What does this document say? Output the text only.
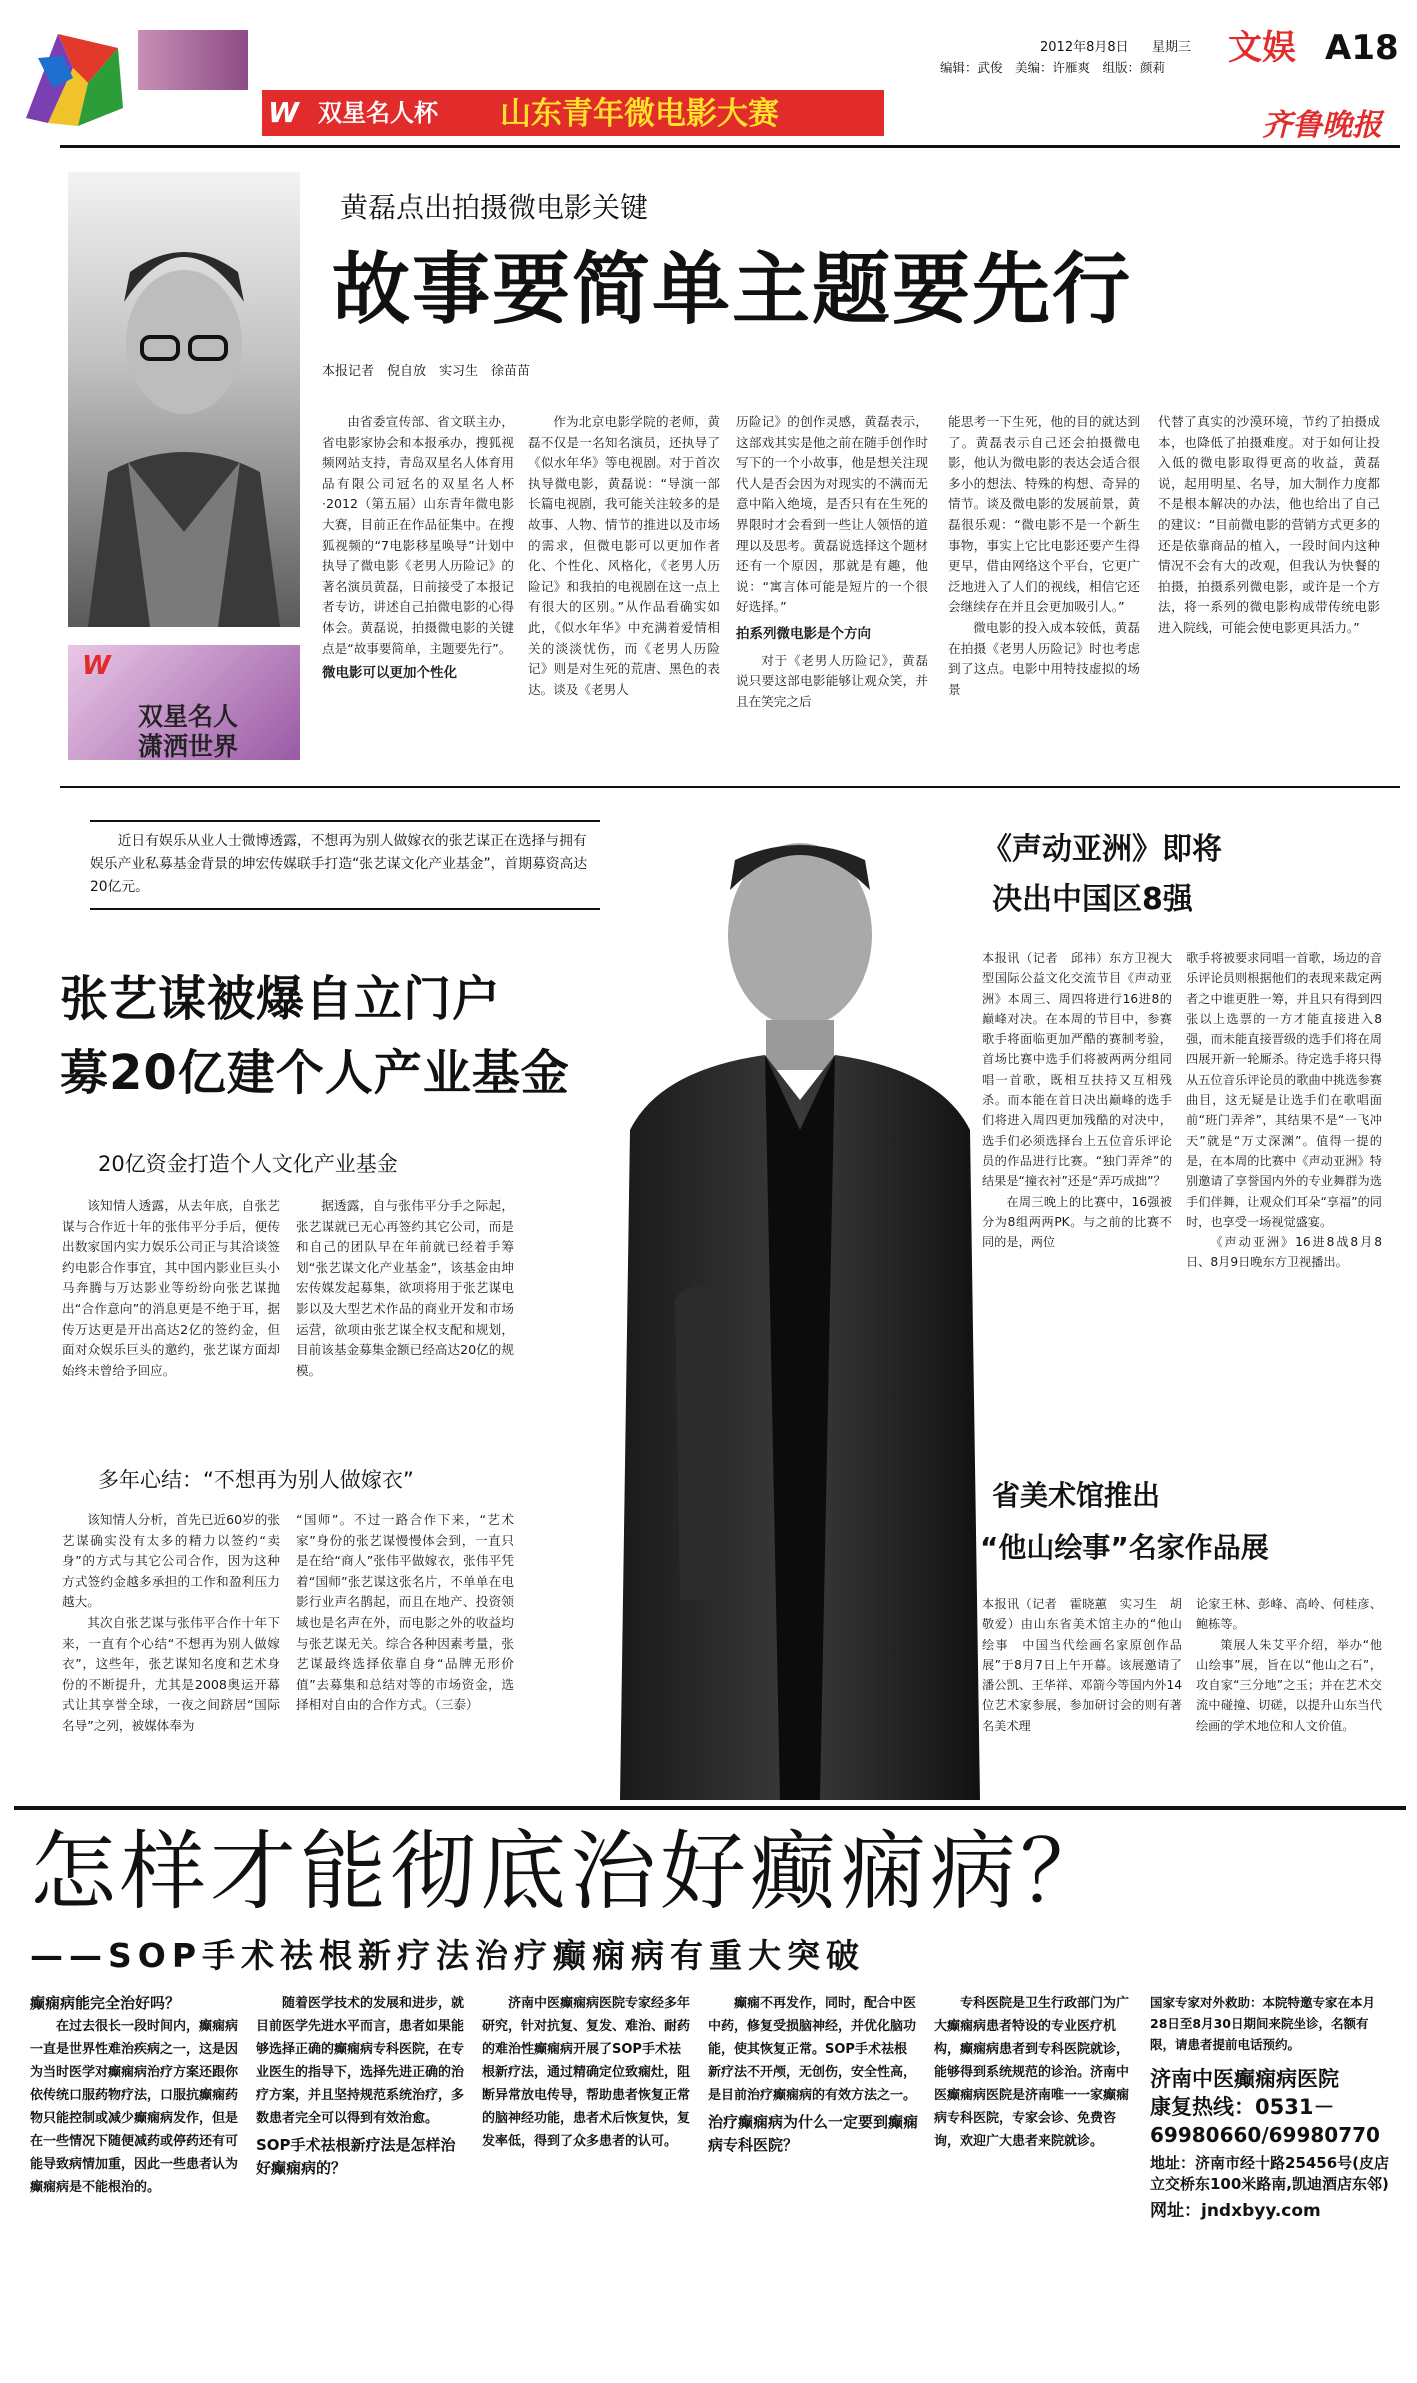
W 双星名人杯	山东青年微电影大赛
2012年8月8日	星期三	文娱 A18
编辑：武俊　美编：许雁爽　组版：颜莉
齐鲁晚报
W
双星名人
潇洒世界
黄磊点出拍摄微电影关键
故事要简单主题要先行
本报记者　倪自放　实习生　徐苗苗

由省委宣传部、省文联主办，省电影家协会和本报承办，搜狐视频网站支持，青岛双星名人体育用品有限公司冠名的双星名人杯·2012（第五届）山东青年微电影大赛，目前正在作品征集中。在搜狐视频的“7电影移星唤导”计划中执导了微电影《老男人历险记》的著名演员黄磊，日前接受了本报记者专访，讲述自己拍微电影的心得体会。黄磊说，拍摄微电影的关键点是“故事要简单，主题要先行”。

微电影可以更加个性化

作为北京电影学院的老师，黄磊不仅是一名知名演员，还执导了《似水年华》等电视剧。对于首次执导微电影，黄磊说：“导演一部长篇电视剧，我可能关注较多的是故事、人物、情节的推进以及市场的需求，但微电影可以更加作者化、个性化、风格化，《老男人历险记》和我拍的电视剧在这一点上有很大的区别。”从作品看确实如此，《似水年华》中充满着爱情相关的淡淡忧伤，而《老男人历险记》则是对生死的荒唐、黑色的表达。谈及《老男人

历险记》的创作灵感，黄磊表示，这部戏其实是他之前在随手创作时写下的一个小故事，他是想关注现代人是否会因为对现实的不满而无意中陷入绝境，是否只有在生死的界限时才会看到一些让人领悟的道理以及思考。黄磊说选择这个题材还有一个原因，那就是有趣，他说：“寓言体可能是短片的一个很好选择。”

拍系列微电影是个方向

对于《老男人历险记》，黄磊说只要这部电影能够让观众笑，并且在笑完之后

能思考一下生死，他的目的就达到了。黄磊表示自己还会拍摄微电影，他认为微电影的表达会适合很多小的想法、特殊的构想、奇异的情节。谈及微电影的发展前景，黄磊很乐观：“微电影不是一个新生事物，事实上它比电影还要产生得更早，借由网络这个平台，它更广泛地进入了人们的视线，相信它还会继续存在并且会更加吸引人。”

微电影的投入成本较低，黄磊在拍摄《老男人历险记》时也考虑到了这点。电影中用特技虚拟的场景

代替了真实的沙漠环境，节约了拍摄成本，也降低了拍摄难度。对于如何让投入低的微电影取得更高的收益，黄磊说，起用明星、名导，加大制作力度都不是根本解决的办法，他也给出了自己的建议：“目前微电影的营销方式更多的还是依靠商品的植入，一段时间内这种情况不会有大的改观，但我认为快餐的拍摄，拍摄系列微电影，或许是一个方法，将一系列的微电影构成带传统电影进入院线，可能会使电影更具活力。”

近日有娱乐从业人士微博透露，不想再为别人做嫁衣的张艺谋正在选择与拥有娱乐产业私募基金背景的坤宏传媒联手打造“张艺谋文化产业基金”，首期募资高达20亿元。

张艺谋被爆自立门户
募20亿建个人产业基金
20亿资金打造个人文化产业基金

该知情人透露，从去年底，自张艺谋与合作近十年的张伟平分手后，便传出数家国内实力娱乐公司正与其洽谈签约电影合作事宜，其中国内影业巨头小马奔腾与万达影业等纷纷向张艺谋抛出“合作意向”的消息更是不绝于耳，据传万达更是开出高达2亿的签约金，但面对众娱乐巨头的邀约，张艺谋方面却始终未曾给予回应。

据透露，自与张伟平分手之际起，张艺谋就已无心再签约其它公司，而是和自己的团队早在年前就已经着手筹划“张艺谋文化产业基金”，该基金由坤宏传媒发起募集，欲项将用于张艺谋电影以及大型艺术作品的商业开发和市场运营，欲项由张艺谋全权支配和规划，目前该基金募集金额已经高达20亿的规模。

多年心结：“不想再为别人做嫁衣”

该知情人分析，首先已近60岁的张艺谋确实没有太多的精力以签约“卖身”的方式与其它公司合作，因为这种方式签约金越多承担的工作和盈利压力越大。

其次自张艺谋与张伟平合作十年下来，一直有个心结“不想再为别人做嫁衣”，这些年，张艺谋知名度和艺术身份的不断提升，尤其是2008奥运开幕式让其享誉全球，一夜之间跻居“国际名导”之列，被媒体奉为

“国师”。不过一路合作下来，“艺术家”身份的张艺谋慢慢体会到，一直只是在给“商人”张伟平做嫁衣，张伟平凭着“国师”张艺谋这张名片，不单单在电影行业声名鹊起，而且在地产、投资领域也是名声在外，而电影之外的收益均与张艺谋无关。综合各种因素考量，张艺谋最终选择依靠自身“品牌无形价值”去募集和总结对等的市场资金，选择相对自由的合作方式。（三泰）

《声动亚洲》即将
决出中国区8强

本报讯（记者　邱祎）东方卫视大型国际公益文化交流节目《声动亚洲》本周三、周四将进行16进8的巅峰对决。在本周的节目中，参赛歌手将面临更加严酷的赛制考验，首场比赛中选手们将被两两分组同唱一首歌，既相互扶持又互相残杀。而本能在首日决出巅峰的选手们将进入周四更加残酷的对决中，选手们必须选择台上五位音乐评论员的作品进行比赛。“独门弄斧”的结果是“撞衣衬”还是“弄巧成拙”？

在周三晚上的比赛中，16强被分为8组两两PK。与之前的比赛不同的是，两位

歌手将被要求同唱一首歌，场边的音乐评论员则根据他们的表现来裁定两者之中谁更胜一筹，并且只有得到四张以上选票的一方才能直接进入8强，而未能直接晋级的选手们将在周四展开新一轮厮杀。待定选手将只得从五位音乐评论员的歌曲中挑选参赛曲目，这无疑是让选手们在歌唱面前“班门弄斧”，其结果不是“一飞冲天”就是“万丈深渊”。值得一提的是，在本周的比赛中《声动亚洲》特别邀请了享誉国内外的专业舞群为选手们伴舞，让观众们耳朵“享福”的同时，也享受一场视觉盛宴。

《声动亚洲》16进8战8月8日、8月9日晚东方卫视播出。

省美术馆推出
“他山绘事”名家作品展

本报讯（记者　霍晓蕙　实习生　胡敬爱）由山东省美术馆主办的“他山绘事　中国当代绘画名家原创作品展”于8月7日上午开幕。该展邀请了潘公凯、王华祥、邓箭今等国内外14位艺术家参展，参加研讨会的则有著名美术理

论家王林、彭峰、高岭、何桂彦、鲍栋等。

策展人朱艾平介绍，举办“他山绘事”展，旨在以“他山之石”，攻自家“三分地”之玉；并在艺术交流中碰撞、切磋，以提升山东当代绘画的学术地位和人文价值。

怎样才能彻底治好癫痫病？
——SOP手术祛根新疗法治疗癫痫病有重大突破

癫痫病能完全治好吗？

在过去很长一段时间内，癫痫病一直是世界性难治疾病之一，这是因为当时医学对癫痫病治疗方案还跟你依传统口服药物疗法，口服抗癫痫药物只能控制或减少癫痫病发作，但是在一些情况下随便减药或停药还有可能导致病情加重，因此一些患者认为癫痫病是不能根治的。

随着医学技术的发展和进步，就目前医学先进水平而言，患者如果能够选择正确的癫痫病专科医院，在专业医生的指导下，选择先进正确的治疗方案，并且坚持规范系统治疗，多数患者完全可以得到有效治愈。

SOP手术祛根新疗法是怎样治好癫痫病的？

济南中医癫痫病医院专家经多年研究，针对抗复、复发、难治、耐药的难治性癫痫病开展了SOP手术祛根新疗法，通过精确定位致痫灶，阻断异常放电传导，帮助患者恢复正常的脑神经功能，患者术后恢复快，复发率低，得到了众多患者的认可。

癫痫不再发作，同时，配合中医中药，修复受损脑神经，并优化脑功能，使其恢复正常。SOP手术祛根新疗法不开颅，无创伤，安全性高，是目前治疗癫痫病的有效方法之一。

治疗癫痫病为什么一定要到癫痫病专科医院？

专科医院是卫生行政部门为广大癫痫病患者特设的专业医疗机构，癫痫病患者到专科医院就诊，能够得到系统规范的诊治。济南中医癫痫病医院是济南唯一一家癫痫病专科医院，专家会诊、免费咨询，欢迎广大患者来院就诊。

国家专家对外救助：本院特邀专家在本月28日至8月30日期间来院坐诊，名额有限，请患者提前电话预约。

济南中医癫痫病医院

康复热线：0531－

69980660/69980770

地址：济南市经十路25456号(皮店立交桥东100米路南,凯迪酒店东邻)

网址：jndxbyy.com
